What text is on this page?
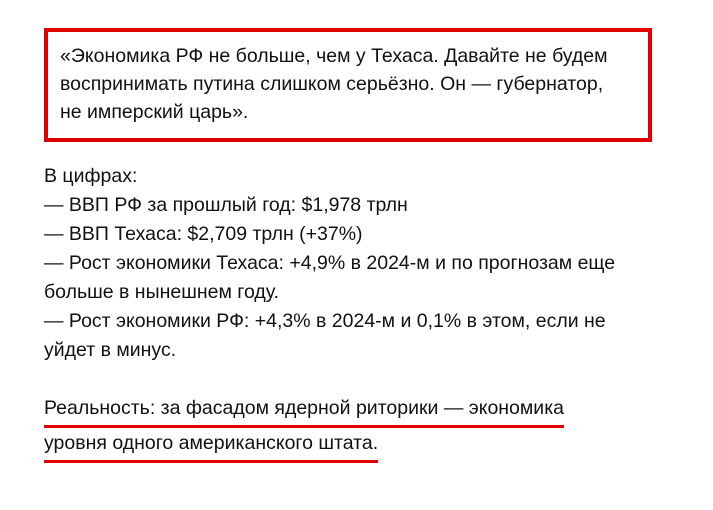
«Экономика РФ не больше, чем у Техаса. Давайте не будем
воспринимать путина слишком серьёзно. Он — губернатор,
не имперский царь».
В цифрах:
— ВВП РФ за прошлый год: $1,978 трлн
— ВВП Техаса: $2,709 трлн (+37%)
— Рост экономики Техаса: +4,9% в 2024-м и по прогнозам еще
больше в нынешнем году.
— Рост экономики РФ: +4,3% в 2024-м и 0,1% в этом, если не
уйдет в минус.
Реальность: за фасадом ядерной риторики — экономика
уровня одного американского штата.
